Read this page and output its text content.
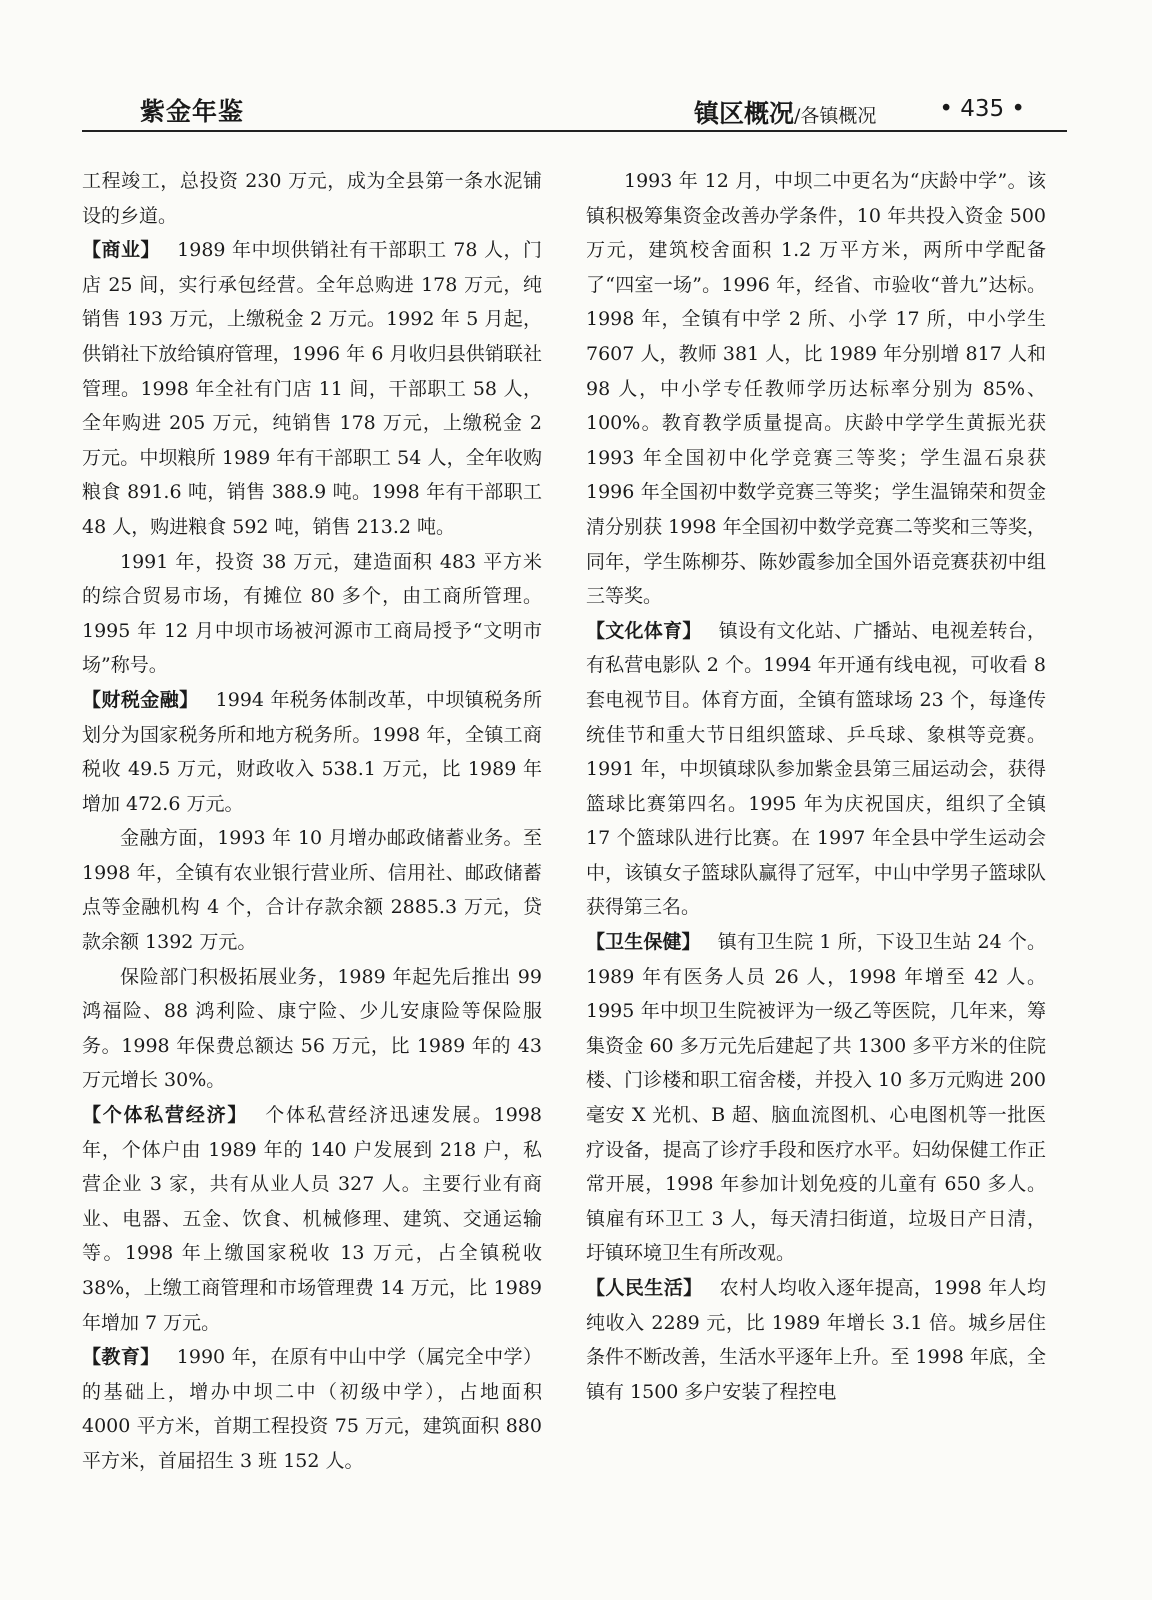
紫金年鉴	镇区概况/各镇概况	• 435 •

工程竣工，总投资 230 万元，成为全县第一条水泥铺设的乡道。

【商业】 1989 年中坝供销社有干部职工 78 人，门店 25 间，实行承包经营。全年总购进 178 万元，纯销售 193 万元，上缴税金 2 万元。1992 年 5 月起，供销社下放给镇府管理，1996 年 6 月收归县供销联社管理。1998 年全社有门店 11 间，干部职工 58 人，全年购进 205 万元，纯销售 178 万元，上缴税金 2 万元。中坝粮所 1989 年有干部职工 54 人，全年收购粮食 891.6 吨，销售 388.9 吨。1998 年有干部职工 48 人，购进粮食 592 吨，销售 213.2 吨。

1991 年，投资 38 万元，建造面积 483 平方米的综合贸易市场，有摊位 80 多个，由工商所管理。1995 年 12 月中坝市场被河源市工商局授予“文明市场”称号。

【财税金融】 1994 年税务体制改革，中坝镇税务所划分为国家税务所和地方税务所。1998 年，全镇工商税收 49.5 万元，财政收入 538.1 万元，比 1989 年增加 472.6 万元。

金融方面，1993 年 10 月增办邮政储蓄业务。至 1998 年，全镇有农业银行营业所、信用社、邮政储蓄点等金融机构 4 个，合计存款余额 2885.3 万元，贷款余额 1392 万元。

保险部门积极拓展业务，1989 年起先后推出 99 鸿福险、88 鸿利险、康宁险、少儿安康险等保险服务。1998 年保费总额达 56 万元，比 1989 年的 43 万元增长 30%。

【个体私营经济】 个体私营经济迅速发展。1998 年，个体户由 1989 年的 140 户发展到 218 户，私营企业 3 家，共有从业人员 327 人。主要行业有商业、电器、五金、饮食、机械修理、建筑、交通运输等。1998 年上缴国家税收 13 万元，占全镇税收 38%，上缴工商管理和市场管理费 14 万元，比 1989 年增加 7 万元。

【教育】 1990 年，在原有中山中学（属完全中学）的基础上，增办中坝二中（初级中学），占地面积 4000 平方米，首期工程投资 75 万元，建筑面积 880 平方米，首届招生 3 班 152 人。

1993 年 12 月，中坝二中更名为“庆龄中学”。该镇积极筹集资金改善办学条件，10 年共投入资金 500 万元，建筑校舍面积 1.2 万平方米，两所中学配备了“四室一场”。1996 年，经省、市验收“普九”达标。1998 年，全镇有中学 2 所、小学 17 所，中小学生 7607 人，教师 381 人，比 1989 年分别增 817 人和 98 人，中小学专任教师学历达标率分别为 85%、100%。教育教学质量提高。庆龄中学学生黄振光获 1993 年全国初中化学竞赛三等奖；学生温石泉获 1996 年全国初中数学竞赛三等奖；学生温锦荣和贺金清分别获 1998 年全国初中数学竞赛二等奖和三等奖，同年，学生陈柳芬、陈妙霞参加全国外语竞赛获初中组三等奖。

【文化体育】 镇设有文化站、广播站、电视差转台，有私营电影队 2 个。1994 年开通有线电视，可收看 8 套电视节目。体育方面，全镇有篮球场 23 个，每逢传统佳节和重大节日组织篮球、乒乓球、象棋等竞赛。1991 年，中坝镇球队参加紫金县第三届运动会，获得篮球比赛第四名。1995 年为庆祝国庆，组织了全镇 17 个篮球队进行比赛。在 1997 年全县中学生运动会中，该镇女子篮球队赢得了冠军，中山中学男子篮球队获得第三名。

【卫生保健】 镇有卫生院 1 所，下设卫生站 24 个。1989 年有医务人员 26 人，1998 年增至 42 人。1995 年中坝卫生院被评为一级乙等医院，几年来，筹集资金 60 多万元先后建起了共 1300 多平方米的住院楼、门诊楼和职工宿舍楼，并投入 10 多万元购进 200 毫安 X 光机、B 超、脑血流图机、心电图机等一批医疗设备，提高了诊疗手段和医疗水平。妇幼保健工作正常开展，1998 年参加计划免疫的儿童有 650 多人。镇雇有环卫工 3 人，每天清扫街道，垃圾日产日清，圩镇环境卫生有所改观。

【人民生活】 农村人均收入逐年提高，1998 年人均纯收入 2289 元，比 1989 年增长 3.1 倍。城乡居住条件不断改善，生活水平逐年上升。至 1998 年底，全镇有 1500 多户安装了程控电
